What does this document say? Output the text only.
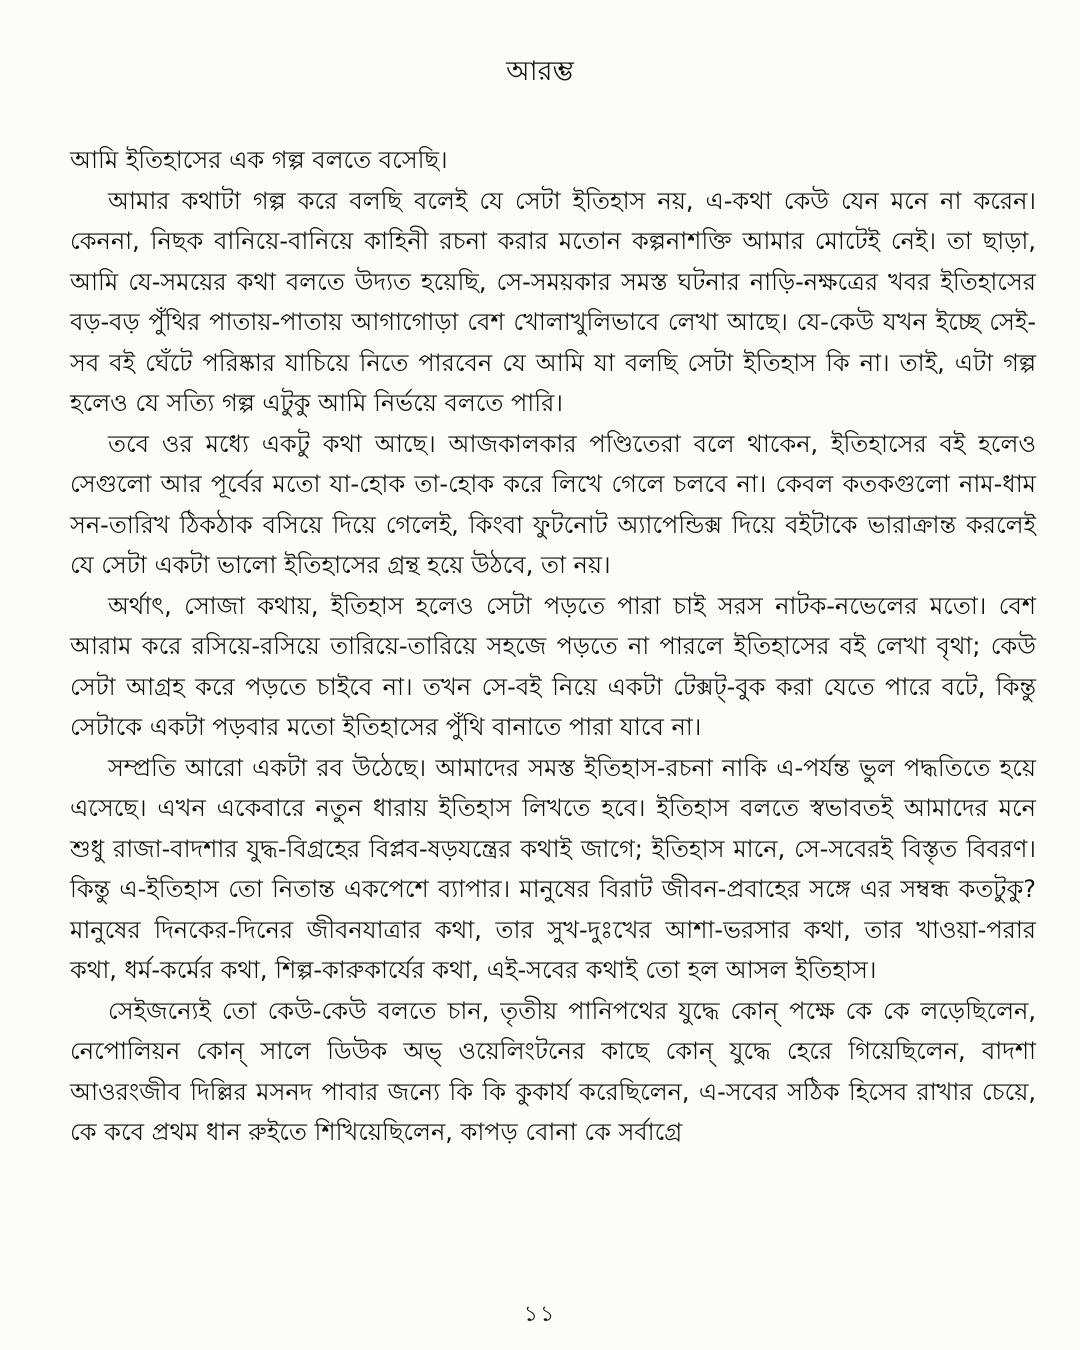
আরম্ভ

আমি ইতিহাসের এক গল্প বলতে বসেছি।

আমার কথাটা গল্প করে বলছি বলেই যে সেটা ইতিহাস নয়, এ-কথা কেউ যেন মনে না করেন। কেননা, নিছক বানিয়ে-বানিয়ে কাহিনী রচনা করার মতোন কল্পনাশক্তি আমার মোটেই নেই। তা ছাড়া, আমি যে-সময়ের কথা বলতে উদ্যত হয়েছি, সে-সময়কার সমস্ত ঘটনার নাড়ি-নক্ষত্রের খবর ইতিহাসের বড়-বড় পুঁথির পাতায়-পাতায় আগাগোড়া বেশ খোলাখুলিভাবে লেখা আছে। যে-কেউ যখন ইচ্ছে সেই-সব বই ঘেঁটে পরিষ্কার যাচিয়ে নিতে পারবেন যে আমি যা বলছি সেটা ইতিহাস কি না। তাই, এটা গল্প হলেও যে সত্যি গল্প এটুকু আমি নির্ভয়ে বলতে পারি।

তবে ওর মধ্যে একটু কথা আছে। আজকালকার পণ্ডিতেরা বলে থাকেন, ইতিহাসের বই হলেও সেগুলো আর পূর্বের মতো যা-হোক তা-হোক করে লিখে গেলে চলবে না। কেবল কতকগুলো নাম-ধাম সন-তারিখ ঠিকঠাক বসিয়ে দিয়ে গেলেই, কিংবা ফুটনোট অ্যাপেন্ডিক্স দিয়ে বইটাকে ভারাক্রান্ত করলেই যে সেটা একটা ভালো ইতিহাসের গ্রন্থ হয়ে উঠবে, তা নয়।

অর্থাৎ, সোজা কথায়, ইতিহাস হলেও সেটা পড়তে পারা চাই সরস নাটক-নভেলের মতো। বেশ আরাম করে রসিয়ে-রসিয়ে তারিয়ে-তারিয়ে সহজে পড়তে না পারলে ইতিহাসের বই লেখা বৃথা; কেউ সেটা আগ্রহ করে পড়তে চাইবে না। তখন সে-বই নিয়ে একটা টেক্সট্-বুক করা যেতে পারে বটে, কিন্তু সেটাকে একটা পড়বার মতো ইতিহাসের পুঁথি বানাতে পারা যাবে না।

সম্প্রতি আরো একটা রব উঠেছে। আমাদের সমস্ত ইতিহাস-রচনা নাকি এ-পর্যন্ত ভুল পদ্ধতিতে হয়ে এসেছে। এখন একেবারে নতুন ধারায় ইতিহাস লিখতে হবে। ইতিহাস বলতে স্বভাবতই আমাদের মনে শুধু রাজা-বাদশার যুদ্ধ-বিগ্রহের বিপ্লব-ষড়যন্ত্রের কথাই জাগে; ইতিহাস মানে, সে-সবেরই বিস্তৃত বিবরণ। কিন্তু এ-ইতিহাস তো নিতান্ত একপেশে ব্যাপার। মানুষের বিরাট জীবন-প্রবাহের সঙ্গে এর সম্বন্ধ কতটুকু? মানুষের দিনকের-দিনের জীবনযাত্রার কথা, তার সুখ-দুঃখের আশা-ভরসার কথা, তার খাওয়া-পরার কথা, ধর্ম-কর্মের কথা, শিল্প-কারুকার্যের কথা, এই-সবের কথাই তো হল আসল ইতিহাস।

সেইজন্যেই তো কেউ-কেউ বলতে চান, তৃতীয় পানিপথের যুদ্ধে কোন্ পক্ষে কে কে লড়েছিলেন, নেপোলিয়ন কোন্ সালে ডিউক অভ্ ওয়েলিংটনের কাছে কোন্ যুদ্ধে হেরে গিয়েছিলেন, বাদশা আওরংজীব দিল্লির মসনদ পাবার জন্যে কি কি কুকার্য করেছিলেন, এ-সবের সঠিক হিসেব রাখার চেয়ে, কে কবে প্রথম ধান রুইতে শিখিয়েছিলেন, কাপড় বোনা কে সর্বাগ্রে

১১
